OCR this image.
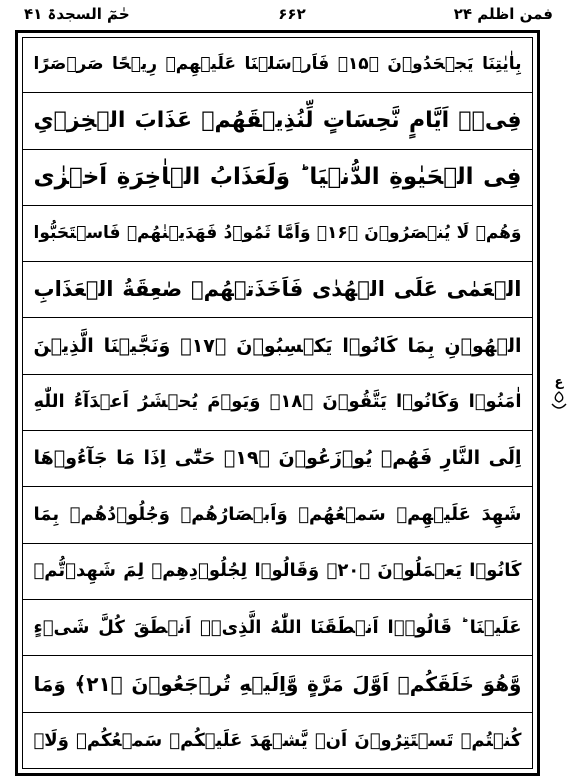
حٰمٓ السجدۃ ۴۱	۶۶۲	فمن اظلم ۲۴
بِاٰيٰتِنَا يَجۡحَدُوۡنَ ﴿۱۵﴾ فَاَرۡسَلۡنَا عَلَيۡهِمۡ رِيۡحًا صَرۡصَرًا
فِىۡۤ اَيَّامٍ نَّحِسَاتٍ لِّنُذِيۡقَهُمۡ عَذَابَ الۡخِزۡىِ
فِى الۡحَيٰوةِ الدُّنۡيَا ؕ وَلَعَذَابُ الۡاٰخِرَةِ اَخۡزٰى
وَهُمۡ لَا يُنۡصَرُوۡنَ ﴿۱۶﴾ وَاَمَّا ثَمُوۡدُ فَهَدَيۡنٰهُمۡ فَاسۡتَحَبُّوا
الۡعَمٰى عَلَى الۡهُدٰى فَاَخَذَتۡهُمۡ صٰعِقَةُ الۡعَذَابِ
الۡهُوۡنِ بِمَا كَانُوۡا يَكۡسِبُوۡنَ ﴿۱۷﴾ وَنَجَّيۡنَا الَّذِيۡنَ
اٰمَنُوۡا وَكَانُوۡا يَتَّقُوۡنَ ﴿۱۸﴾ وَيَوۡمَ يُحۡشَرُ اَعۡدَآءُ اللّٰهِ
اِلَى النَّارِ فَهُمۡ يُوۡزَعُوۡنَ ﴿۱۹﴾ حَتّٰٓى اِذَا مَا جَآءُوۡهَا
شَهِدَ عَلَيۡهِمۡ سَمۡعُهُمۡ وَاَبۡصَارُهُمۡ وَجُلُوۡدُهُمۡ بِمَا
كَانُوۡا يَعۡمَلُوۡنَ ﴿۲۰﴾ وَقَالُوۡا لِجُلُوۡدِهِمۡ لِمَ شَهِدۡتُّمۡ
عَلَيۡنَا ؕ قَالُوۡۤا اَنۡطَقَنَا اللّٰهُ الَّذِىۡۤ اَنۡطَقَ كُلَّ شَىۡءٍ
وَّهُوَ خَلَقَكُمۡ اَوَّلَ مَرَّةٍ وَّاِلَيۡهِ تُرۡجَعُوۡنَ ﴿۲۱﴾ وَمَا
كُنۡتُمۡ تَسۡتَتِرُوۡنَ اَنۡ يَّشۡهَدَ عَلَيۡكُمۡ سَمۡعُكُمۡ وَلَاۤ
ع
